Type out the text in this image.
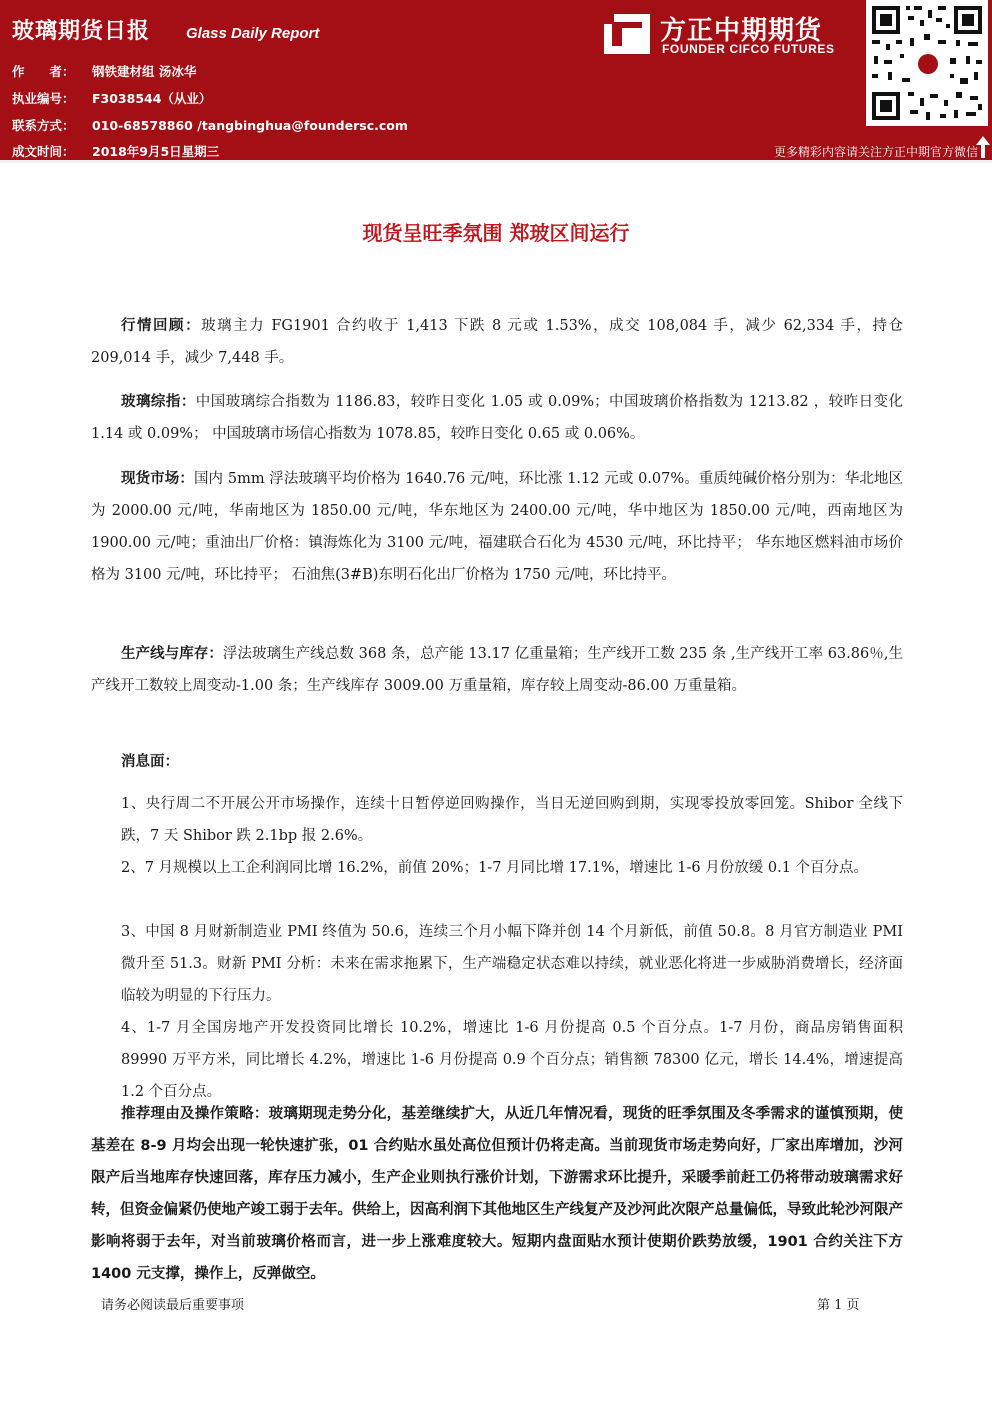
玻璃期货日报 Glass Daily Report
作　　者： 钢铁建材组 汤冰华
执业编号： F3038544（从业）
联系方式： 010-68578860 /tangbinghua@foundersc.com
成文时间： 2018年9月5日星期三
方正中期期货
FOUNDER CIFCO FUTURES
更多精彩内容请关注方正中期官方微信
现货呈旺季氛围 郑玻区间运行
行情回顾：玻璃主力 FG1901 合约收于 1,413 下跌 8 元或 1.53%，成交 108,084 手，减少 62,334 手，持仓 209,014 手，减少 7,448 手。
玻璃综指：中国玻璃综合指数为 1186.83，较昨日变化 1.05 或 0.09%；中国玻璃价格指数为 1213.82 ，较昨日变化 1.14 或 0.09%； 中国玻璃市场信心指数为 1078.85，较昨日变化 0.65 或 0.06%。
现货市场：国内 5mm 浮法玻璃平均价格为 1640.76 元/吨，环比涨 1.12 元或 0.07%。重质纯碱价格分别为：华北地区为 2000.00 元/吨，华南地区为 1850.00 元/吨，华东地区为 2400.00 元/吨，华中地区为 1850.00 元/吨，西南地区为 1900.00 元/吨；重油出厂价格：镇海炼化为 3100 元/吨，福建联合石化为 4530 元/吨，环比持平； 华东地区燃料油市场价格为 3100 元/吨，环比持平； 石油焦(3#B)东明石化出厂价格为 1750 元/吨，环比持平。
生产线与库存：浮法玻璃生产线总数 368 条，总产能 13.17 亿重量箱；生产线开工数 235 条 ,生产线开工率 63.86％,生产线开工数较上周变动-1.00 条；生产线库存 3009.00 万重量箱，库存较上周变动-86.00 万重量箱。
消息面：
1、央行周二不开展公开市场操作，连续十日暂停逆回购操作，当日无逆回购到期，实现零投放零回笼。Shibor 全线下跌，7 天 Shibor 跌 2.1bp 报 2.6%。
2、7 月规模以上工企利润同比增 16.2%，前值 20%；1-7 月同比增 17.1%，增速比 1-6 月份放缓 0.1 个百分点。
3、中国 8 月财新制造业 PMI 终值为 50.6，连续三个月小幅下降并创 14 个月新低，前值 50.8。8 月官方制造业 PMI 微升至 51.3。财新 PMI 分析：未来在需求拖累下，生产端稳定状态难以持续，就业恶化将进一步威胁消费增长，经济面临较为明显的下行压力。
4、1-7 月全国房地产开发投资同比增长 10.2%，增速比 1-6 月份提高 0.5 个百分点。1-7 月份，商品房销售面积 89990 万平方米，同比增长 4.2%，增速比 1-6 月份提高 0.9 个百分点；销售额 78300 亿元，增长 14.4%，增速提高 1.2 个百分点。
推荐理由及操作策略：玻璃期现走势分化，基差继续扩大，从近几年情况看，现货的旺季氛围及冬季需求的谨慎预期，使基差在 8-9 月均会出现一轮快速扩张，01 合约贴水虽处高位但预计仍将走高。当前现货市场走势向好，厂家出库增加，沙河限产后当地库存快速回落，库存压力减小，生产企业则执行涨价计划，下游需求环比提升，采暖季前赶工仍将带动玻璃需求好转，但资金偏紧仍使地产竣工弱于去年。供给上，因高利润下其他地区生产线复产及沙河此次限产总量偏低，导致此轮沙河限产影响将弱于去年，对当前玻璃价格而言，进一步上涨难度较大。短期内盘面贴水预计使期价跌势放缓，1901 合约关注下方 1400 元支撑，操作上，反弹做空。
请务必阅读最后重要事项	第 1 页
